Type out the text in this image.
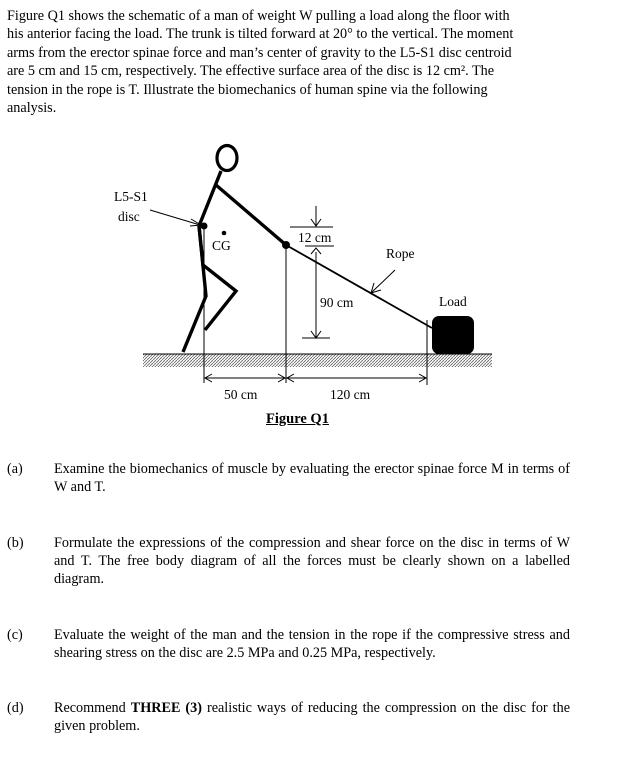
Figure Q1 shows the schematic of a man of weight W pulling a load along the floor with
his anterior facing the load. The trunk is tilted forward at 20° to the vertical. The moment
arms from the erector spinae force and man’s center of gravity to the L5-S1 disc centroid
are 5 cm and 15 cm, respectively. The effective surface area of the disc is 12 cm². The
tension in the rope is T. Illustrate the biomechanics of human spine via the following
analysis.
L5-S1
disc
CG
12 cm
Rope
90 cm	Load
50 cm	120 cm
Figure Q1
(a) Examine the biomechanics of muscle by evaluating the erector spinae force M in terms of W and T.
(b) Formulate the expressions of the compression and shear force on the disc in terms of W and T. The free body diagram of all the forces must be clearly shown on a labelled diagram.
(c) Evaluate the weight of the man and the tension in the rope if the compressive stress and shearing stress on the disc are 2.5 MPa and 0.25 MPa, respectively.
(d) Recommend THREE (3) realistic ways of reducing the compression on the disc for the given problem.
